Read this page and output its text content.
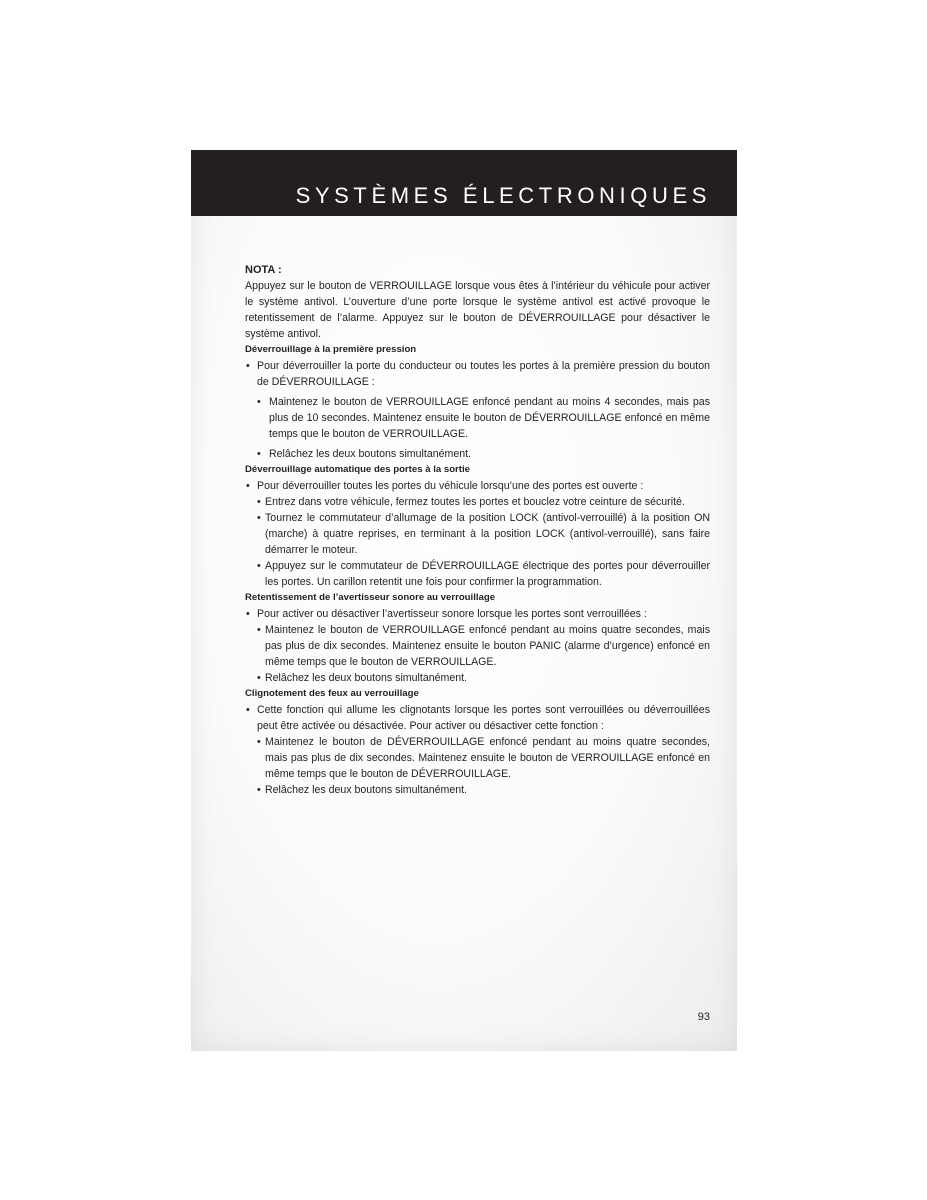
SYSTÈMES ÉLECTRONIQUES

NOTA :

Appuyez sur le bouton de VERROUILLAGE lorsque vous êtes à l’intérieur du véhicule pour activer le système antivol. L’ouverture d’une porte lorsque le système antivol est activé provoque le retentissement de l’alarme. Appuyez sur le bouton de DÉVERROUILLAGE pour désactiver le système antivol.

Déverrouillage à la première pression

• Pour déverrouiller la porte du conducteur ou toutes les portes à la première pression du bouton de DÉVERROUILLAGE :
• Maintenez le bouton de VERROUILLAGE enfoncé pendant au moins 4 secondes, mais pas plus de 10 secondes. Maintenez ensuite le bouton de DÉVERROUILLAGE enfoncé en même temps que le bouton de VERROUILLAGE.
• Relâchez les deux boutons simultanément.

Déverrouillage automatique des portes à la sortie

• Pour déverrouiller toutes les portes du véhicule lorsqu’une des portes est ouverte :
• Entrez dans votre véhicule, fermez toutes les portes et bouclez votre ceinture de sécurité.
• Tournez le commutateur d’allumage de la position LOCK (antivol-verrouillé) à la position ON (marche) à quatre reprises, en terminant à la position LOCK (antivol-verrouillé), sans faire démarrer le moteur.
• Appuyez sur le commutateur de DÉVERROUILLAGE électrique des portes pour déverrouiller les portes. Un carillon retentit une fois pour confirmer la programmation.

Retentissement de l’avertisseur sonore au verrouillage

• Pour activer ou désactiver l’avertisseur sonore lorsque les portes sont verrouillées :
• Maintenez le bouton de VERROUILLAGE enfoncé pendant au moins quatre secondes, mais pas plus de dix secondes. Maintenez ensuite le bouton PANIC (alarme d’urgence) enfoncé en même temps que le bouton de VERROUILLAGE.
• Relâchez les deux boutons simultanément.

Clignotement des feux au verrouillage

• Cette fonction qui allume les clignotants lorsque les portes sont verrouillées ou déverrouillées peut être activée ou désactivée. Pour activer ou désactiver cette fonction :
• Maintenez le bouton de DÉVERROUILLAGE enfoncé pendant au moins quatre secondes, mais pas plus de dix secondes. Maintenez ensuite le bouton de VERROUILLAGE enfoncé en même temps que le bouton de DÉVERROUILLAGE.
• Relâchez les deux boutons simultanément.
93
